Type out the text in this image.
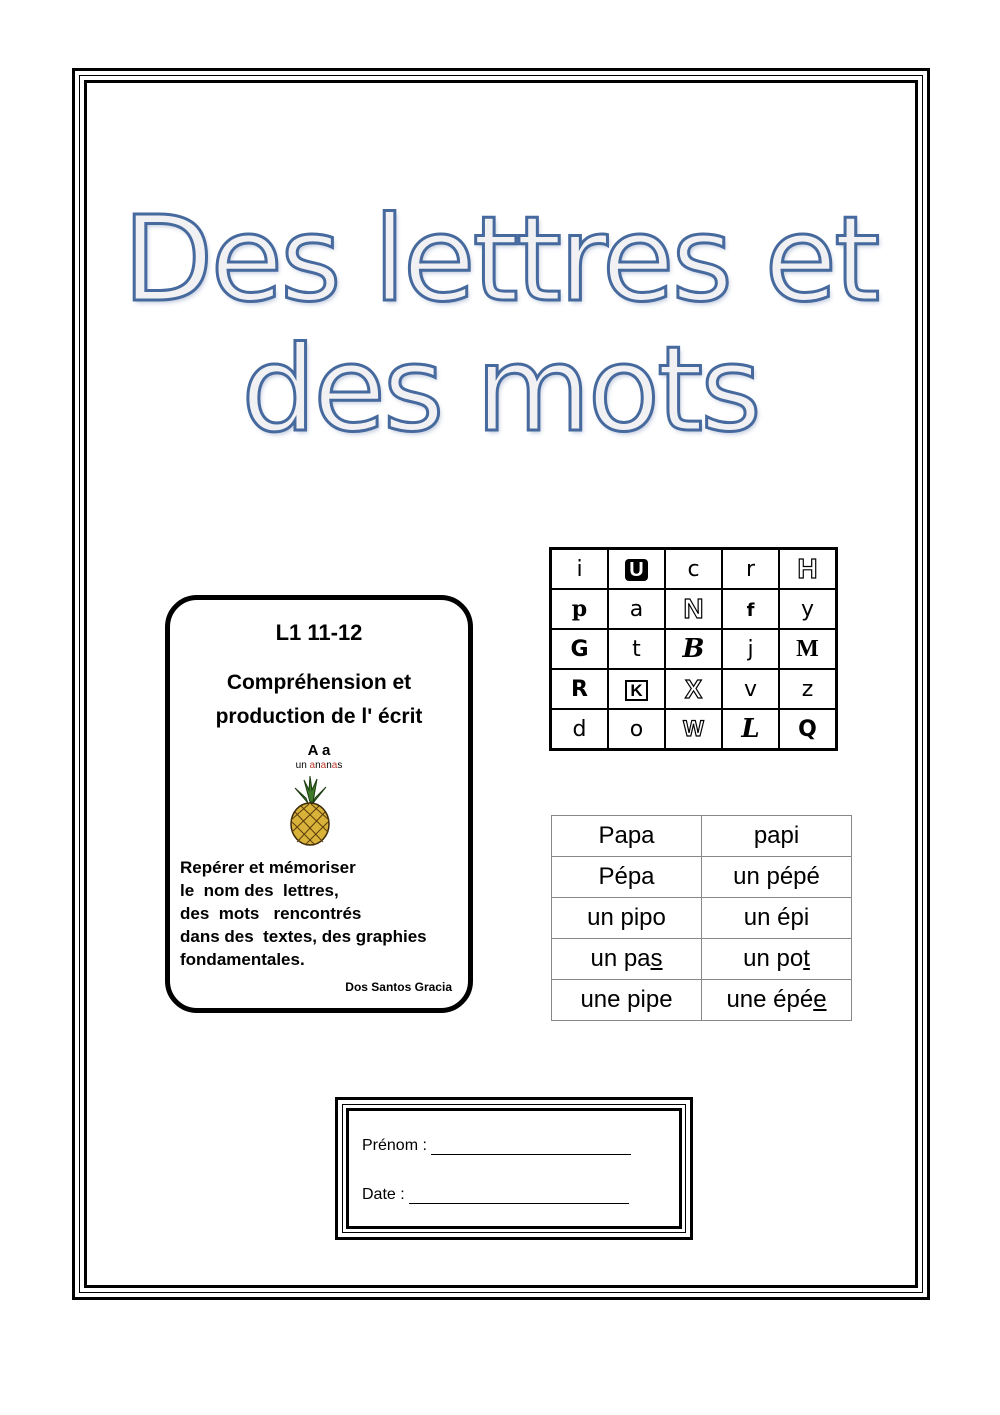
Des lettres et
des mots
L1 11-12
Compréhension et
production de l' écrit
A a
un ananas
Repérer et mémoriser
le  nom des  lettres,
des  mots   rencontrés
dans des  textes, des graphies
fondamentales.
Dos Santos Gracia
i	U	c	r	H
p	a	N	f	y
G	t	B	j	M
R	K	X	v	z
d	o	W	L	Q
Papa	papi
Pépa	un pépé
un pipo	un épi
un pas	un pot
une pipe	une épée
Prénom :
Date :
